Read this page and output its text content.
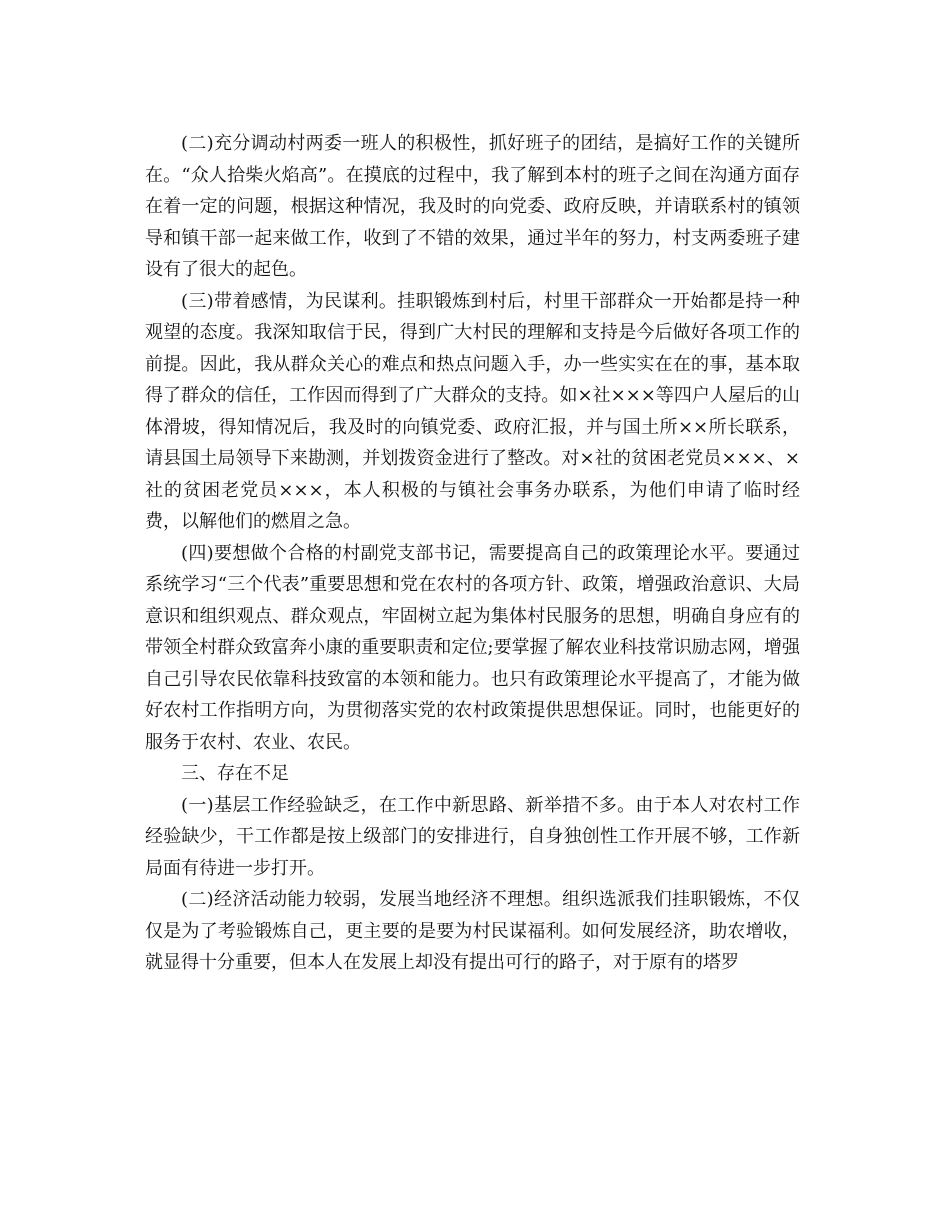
(二)充分调动村两委一班人的积极性，抓好班子的团结，是搞好工作的关键所在。“众人拾柴火焰高”。在摸底的过程中，我了解到本村的班子之间在沟通方面存在着一定的问题，根据这种情况，我及时的向党委、政府反映，并请联系村的镇领导和镇干部一起来做工作，收到了不错的效果，通过半年的努力，村支两委班子建设有了很大的起色。

(三)带着感情，为民谋利。挂职锻炼到村后，村里干部群众一开始都是持一种观望的态度。我深知取信于民，得到广大村民的理解和支持是今后做好各项工作的前提。因此，我从群众关心的难点和热点问题入手，办一些实实在在的事，基本取得了群众的信任，工作因而得到了广大群众的支持。如×社×××等四户人屋后的山体滑坡，得知情况后，我及时的向镇党委、政府汇报，并与国土所××所长联系，请县国土局领导下来勘测，并划拨资金进行了整改。对×社的贫困老党员×××、×社的贫困老党员×××，本人积极的与镇社会事务办联系，为他们申请了临时经费，以解他们的燃眉之急。

(四)要想做个合格的村副党支部书记，需要提高自己的政策理论水平。要通过系统学习“三个代表”重要思想和党在农村的各项方针、政策，增强政治意识、大局意识和组织观点、群众观点，牢固树立起为集体村民服务的思想，明确自身应有的带领全村群众致富奔小康的重要职责和定位;要掌握了解农业科技常识励志网，增强自己引导农民依靠科技致富的本领和能力。也只有政策理论水平提高了，才能为做好农村工作指明方向，为贯彻落实党的农村政策提供思想保证。同时，也能更好的服务于农村、农业、农民。

三、存在不足

(一)基层工作经验缺乏，在工作中新思路、新举措不多。由于本人对农村工作经验缺少，干工作都是按上级部门的安排进行，自身独创性工作开展不够，工作新局面有待进一步打开。

(二)经济活动能力较弱，发展当地经济不理想。组织选派我们挂职锻炼，不仅仅是为了考验锻炼自己，更主要的是要为村民谋福利。如何发展经济，助农增收，就显得十分重要，但本人在发展上却没有提出可行的路子，对于原有的塔罗
